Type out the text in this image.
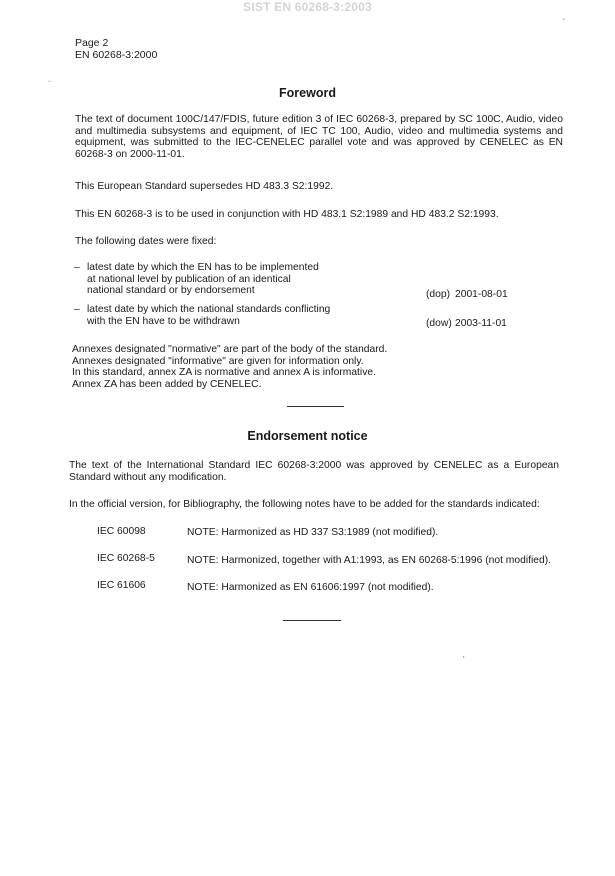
SIST EN 60268-3:2003
Page 2
EN 60268-3:2000
Foreword
The text of document 100C/147/FDIS, future edition 3 of IEC 60268-3, prepared by SC 100C, Audio, video and multimedia subsystems and equipment, of IEC TC 100, Audio, video and multimedia systems and equipment, was submitted to the IEC-CENELEC parallel vote and was approved by CENELEC as EN 60268-3 on 2000-11-01.
This European Standard supersedes HD 483.3 S2:1992.
This EN 60268-3 is to be used in conjunction with HD 483.1 S2:1989 and HD 483.2 S2:1993.
The following dates were fixed:
– latest date by which the EN has to be implemented
at national level by publication of an identical
national standard or by endorsement	(dop) 2001-08-01
– latest date by which the national standards conflicting
with the EN have to be withdrawn	(dow) 2003-11-01
Annexes designated "normative" are part of the body of the standard.
Annexes designated "informative" are given for information only.
In this standard, annex ZA is normative and annex A is informative.
Annex ZA has been added by CENELEC.
Endorsement notice
The text of the International Standard IEC 60268-3:2000 was approved by CENELEC as a European Standard without any modification.
In the official version, for Bibliography, the following notes have to be added for the standards indicated:
IEC 60098	NOTE: Harmonized as HD 337 S3:1989 (not modified).
IEC 60268-5	NOTE: Harmonized, together with A1:1993, as EN 60268-5:1996 (not modified).
IEC 61606	NOTE: Harmonized as EN 61606:1997 (not modified).
ʻ
`
'
